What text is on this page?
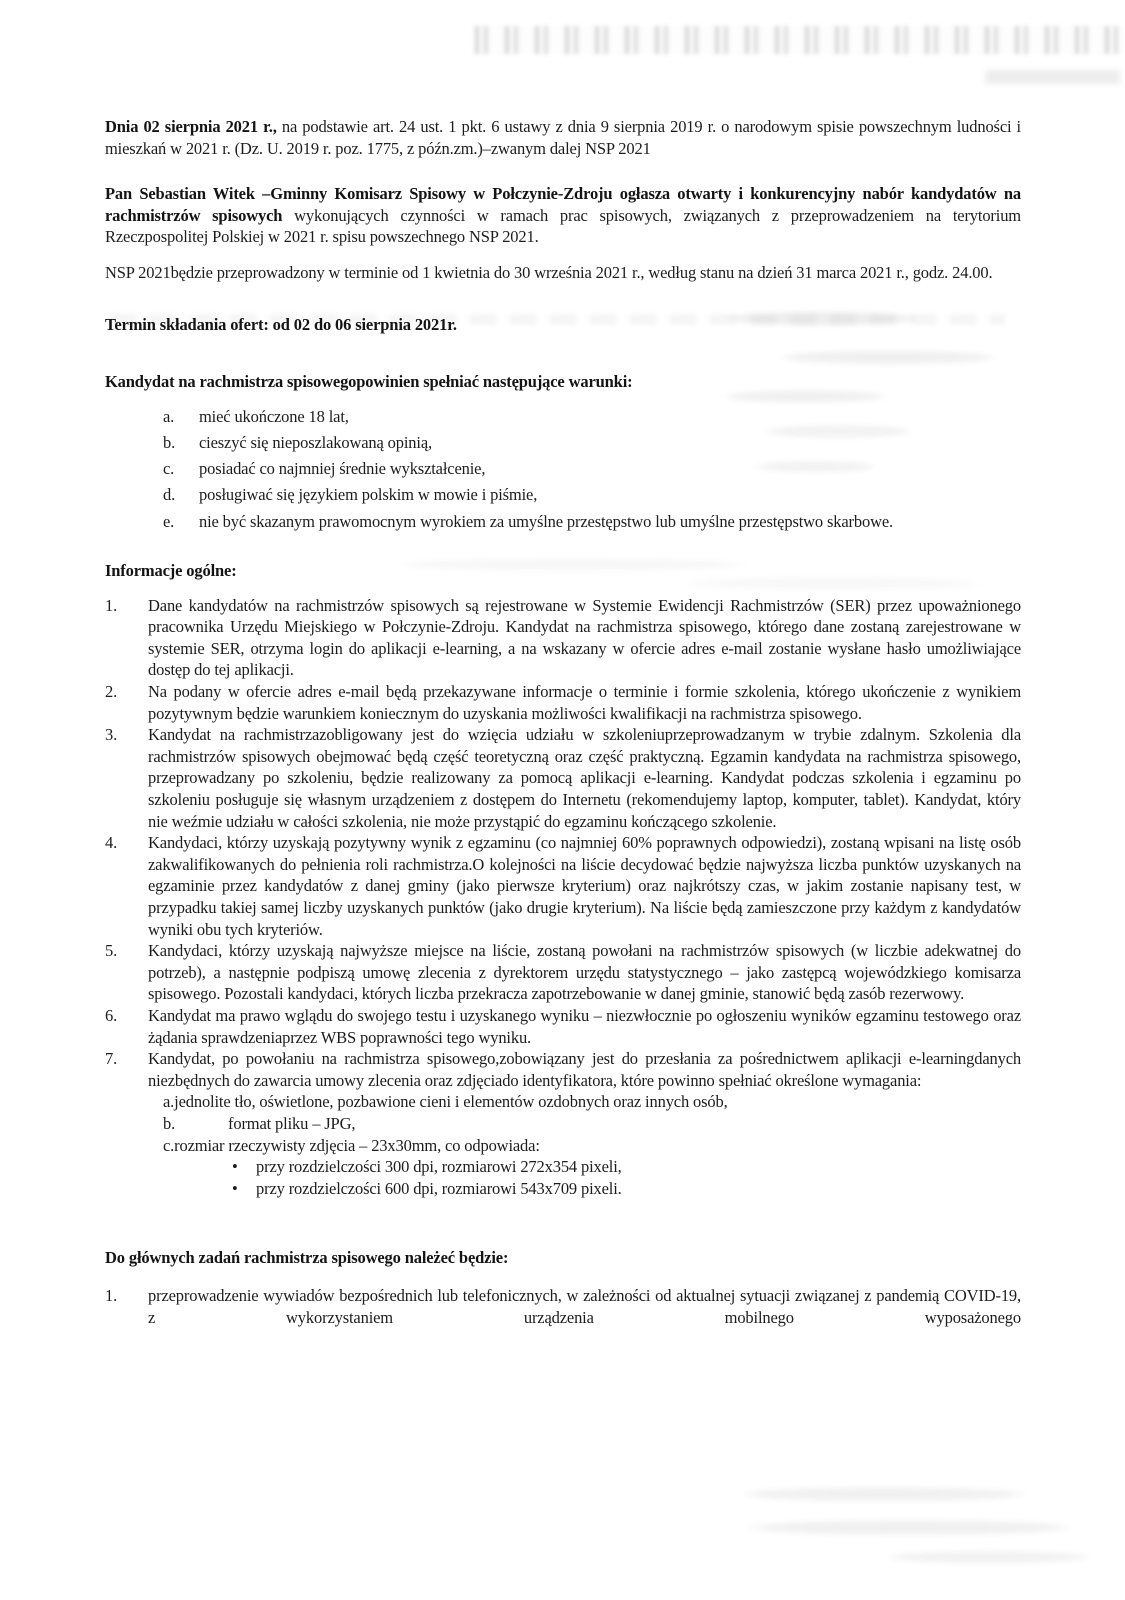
Dnia 02 sierpnia 2021 r., na podstawie art. 24 ust. 1 pkt. 6 ustawy z dnia 9 sierpnia 2019 r. o narodowym spisie powszechnym ludności i mieszkań w 2021 r. (Dz. U. 2019 r. poz. 1775, z późn.zm.)–zwanym dalej NSP 2021

Pan Sebastian Witek –Gminny Komisarz Spisowy w Połczynie-Zdroju ogłasza otwarty i konkurencyjny nabór kandydatów na rachmistrzów spisowych wykonujących czynności w ramach prac spisowych, związanych z przeprowadzeniem na terytorium Rzeczpospolitej Polskiej w 2021 r. spisu powszechnego NSP 2021.

NSP 2021będzie przeprowadzony w terminie od 1 kwietnia do 30 września 2021 r., według stanu na dzień 31 marca 2021 r., godz. 24.00.

Termin składania ofert: od 02 do 06 sierpnia 2021r.

Kandydat na rachmistrza spisowegopowinien spełniać następujące warunki:

a.	mieć ukończone 18 lat,
b.	cieszyć się nieposzlakowaną opinią,
c.	posiadać co najmniej średnie wykształcenie,
d.	posługiwać się językiem polskim w mowie i piśmie,
e.	nie być skazanym prawomocnym wyrokiem za umyślne przestępstwo lub umyślne przestępstwo skarbowe.

Informacje ogólne:

1.	Dane kandydatów na rachmistrzów spisowych są rejestrowane w Systemie Ewidencji Rachmistrzów (SER) przez upoważnionego pracownika Urzędu Miejskiego w Połczynie-Zdroju. Kandydat na rachmistrza spisowego, którego dane zostaną zarejestrowane w systemie SER, otrzyma login do aplikacji e-learning, a na wskazany w ofercie adres e-mail zostanie wysłane hasło umożliwiające dostęp do tej aplikacji.
2.	Na podany w ofercie adres e-mail będą przekazywane informacje o terminie i formie szkolenia, którego ukończenie z wynikiem pozytywnym będzie warunkiem koniecznym do uzyskania możliwości kwalifikacji na rachmistrza spisowego.
3.	Kandydat na rachmistrzazobligowany jest do wzięcia udziału w szkoleniuprzeprowadzanym w trybie zdalnym. Szkolenia dla rachmistrzów spisowych obejmować będą część teoretyczną oraz część praktyczną. Egzamin kandydata na rachmistrza spisowego, przeprowadzany po szkoleniu, będzie realizowany za pomocą aplikacji e-learning. Kandydat podczas szkolenia i egzaminu po szkoleniu posługuje się własnym urządzeniem z dostępem do Internetu (rekomendujemy laptop, komputer, tablet). Kandydat, który nie weźmie udziału w całości szkolenia, nie może przystąpić do egzaminu kończącego szkolenie.
4.	Kandydaci, którzy uzyskają pozytywny wynik z egzaminu (co najmniej 60% poprawnych odpowiedzi), zostaną wpisani na listę osób zakwalifikowanych do pełnienia roli rachmistrza.O kolejności na liście decydować będzie najwyższa liczba punktów uzyskanych na egzaminie przez kandydatów z danej gminy (jako pierwsze kryterium) oraz najkrótszy czas, w jakim zostanie napisany test, w przypadku takiej samej liczby uzyskanych punktów (jako drugie kryterium). Na liście będą zamieszczone przy każdym z kandydatów wyniki obu tych kryteriów.
5.	Kandydaci, którzy uzyskają najwyższe miejsce na liście, zostaną powołani na rachmistrzów spisowych (w liczbie adekwatnej do potrzeb), a następnie podpiszą umowę zlecenia z dyrektorem urzędu statystycznego – jako zastępcą wojewódzkiego komisarza spisowego. Pozostali kandydaci, których liczba przekracza zapotrzebowanie w danej gminie, stanowić będą zasób rezerwowy.
6.	Kandydat ma prawo wglądu do swojego testu i uzyskanego wyniku – niezwłocznie po ogłoszeniu wyników egzaminu testowego oraz żądania sprawdzeniaprzez WBS poprawności tego wyniku.
7.	Kandydat, po powołaniu na rachmistrza spisowego,zobowiązany jest do przesłania za pośrednictwem aplikacji e-learningdanych niezbędnych do zawarcia umowy zlecenia oraz zdjęciado identyfikatora, które powinno spełniać określone wymagania:
a.jednolite tło, oświetlone, pozbawione cieni i elementów ozdobnych oraz innych osób,
b.	format pliku – JPG,
c.rozmiar rzeczywisty zdjęcia – 23x30mm, co odpowiada:
•	przy rozdzielczości 300 dpi, rozmiarowi 272x354 pixeli,
•	przy rozdzielczości 600 dpi, rozmiarowi 543x709 pixeli.

Do głównych zadań rachmistrza spisowego należeć będzie:

1.	przeprowadzenie wywiadów bezpośrednich lub telefonicznych, w zależności od aktualnej sytuacji związanej z pandemią COVID-19, z wykorzystaniem urządzenia mobilnego wyposażonego
